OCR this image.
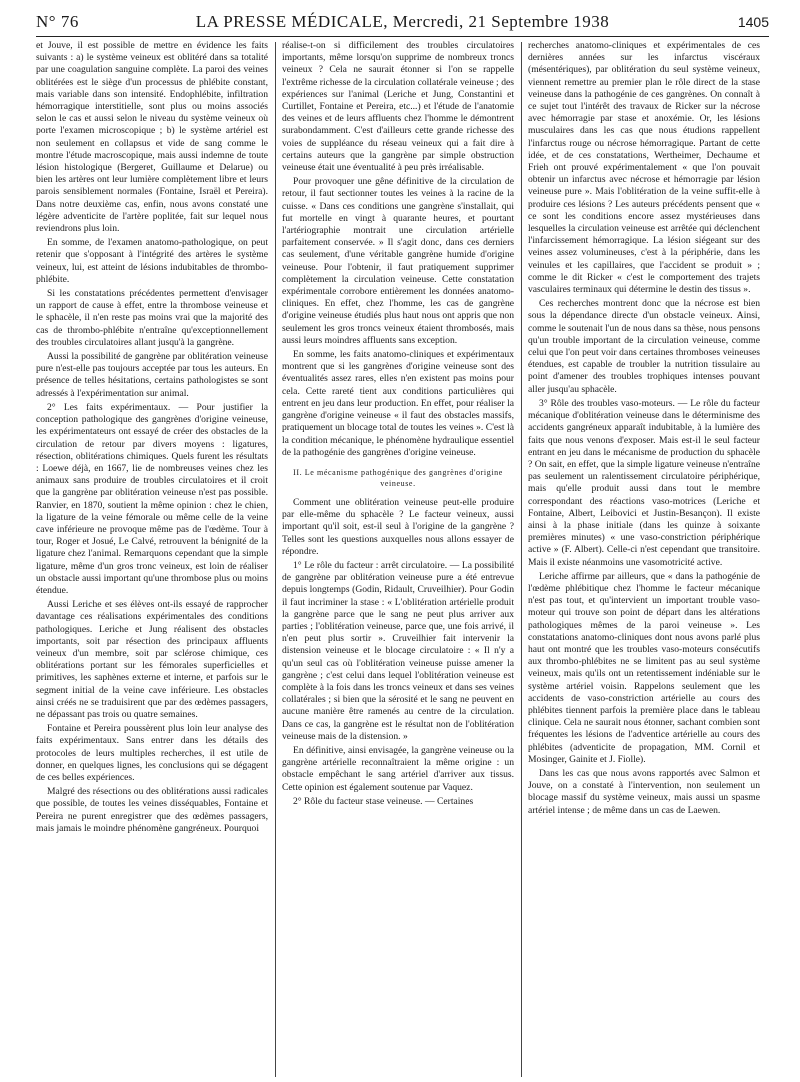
N° 76	LA PRESSE MÉDICALE, Mercredi, 21 Septembre 1938	1405

et Jouve, il est possible de mettre en évidence les faits suivants : a) le système veineux est oblitéré dans sa totalité par une coagulation sanguine complète. La paroi des veines oblitérées est le siège d'un processus de phlébite constant, mais variable dans son intensité. Endophlébite, infiltration hémorragique interstitielle, sont plus ou moins associés selon le cas et aussi selon le niveau du système veineux où porte l'examen microscopique ; b) le système artériel est non seulement en collapsus et vide de sang comme le montre l'étude macroscopique, mais aussi indemne de toute lésion histologique (Bergeret, Guillaume et Delarue) ou bien les artères ont leur lumière complètement libre et leurs parois sensiblement normales (Fontaine, Israël et Pereira). Dans notre deuxième cas, enfin, nous avons constaté une légère adventicite de l'artère poplitée, fait sur lequel nous reviendrons plus loin.

En somme, de l'examen anatomo-pathologique, on peut retenir que s'opposant à l'intégrité des artères le système veineux, lui, est atteint de lésions indubitables de thrombo-phlébite.

Si les constatations précédentes permettent d'envisager un rapport de cause à effet, entre la thrombose veineuse et le sphacèle, il n'en reste pas moins vrai que la majorité des cas de thrombo-phlébite n'entraîne qu'exceptionnellement des troubles circulatoires allant jusqu'à la gangrène.

Aussi la possibilité de gangrène par oblitération veineuse pure n'est-elle pas toujours acceptée par tous les auteurs. En présence de telles hésitations, certains pathologistes se sont adressés à l'expérimentation sur animal.

2° Les faits expérimentaux. — Pour justifier la conception pathologique des gangrènes d'origine veineuse, les expérimentateurs ont essayé de créer des obstacles de la circulation de retour par divers moyens : ligatures, résection, oblitérations chimiques. Quels furent les résultats : Loewe déjà, en 1667, lie de nombreuses veines chez les animaux sans produire de troubles circulatoires et il croit que la gangrène par oblitération veineuse n'est pas possible. Ranvier, en 1870, soutient la même opinion : chez le chien, la ligature de la veine fémorale ou même celle de la veine cave inférieure ne provoque même pas de l'œdème. Tour à tour, Roger et Josué, Le Calvé, retrouvent la bénignité de la ligature chez l'animal. Remarquons cependant que la simple ligature, même d'un gros tronc veineux, est loin de réaliser un obstacle aussi important qu'une thrombose plus ou moins étendue.

Aussi Leriche et ses élèves ont-ils essayé de rapprocher davantage ces réalisations expérimentales des conditions pathologiques. Leriche et Jung réalisent des obstacles importants, soit par résection des principaux affluents veineux d'un membre, soit par sclérose chimique, ces oblitérations portant sur les fémorales superficielles et primitives, les saphènes externe et interne, et parfois sur le segment initial de la veine cave inférieure. Les obstacles ainsi créés ne se traduisirent que par des œdèmes passagers, ne dépassant pas trois ou quatre semaines.

Fontaine et Pereira poussèrent plus loin leur analyse des faits expérimentaux. Sans entrer dans les détails des protocoles de leurs multiples recherches, il est utile de donner, en quelques lignes, les conclusions qui se dégagent de ces belles expériences.

Malgré des résections ou des oblitérations aussi radicales que possible, de toutes les veines disséquables, Fontaine et Pereira ne purent enregistrer que des œdèmes passagers, mais jamais le moindre phénomène gangréneux. Pourquoi

réalise-t-on si difficilement des troubles circulatoires importants, même lorsqu'on supprime de nombreux troncs veineux ? Cela ne saurait étonner si l'on se rappelle l'extrême richesse de la circulation collatérale veineuse ; des expériences sur l'animal (Leriche et Jung, Constantini et Curtillet, Fontaine et Pereira, etc...) et l'étude de l'anatomie des veines et de leurs affluents chez l'homme le démontrent surabondamment. C'est d'ailleurs cette grande richesse des voies de suppléance du réseau veineux qui a fait dire à certains auteurs que la gangrène par simple obstruction veineuse était une éventualité à peu près irréalisable.

Pour provoquer une gêne définitive de la circulation de retour, il faut sectionner toutes les veines à la racine de la cuisse. « Dans ces conditions une gangrène s'installait, qui fut mortelle en vingt à quarante heures, et pourtant l'artériographie montrait une circulation artérielle parfaitement conservée. » Il s'agit donc, dans ces derniers cas seulement, d'une véritable gangrène humide d'origine veineuse. Pour l'obtenir, il faut pratiquement supprimer complètement la circulation veineuse. Cette constatation expérimentale corrobore entièrement les données anatomo-cliniques. En effet, chez l'homme, les cas de gangrène d'origine veineuse étudiés plus haut nous ont appris que non seulement les gros troncs veineux étaient thrombosés, mais aussi leurs moindres affluents sans exception.

En somme, les faits anatomo-cliniques et expérimentaux montrent que si les gangrènes d'origine veineuse sont des éventualités assez rares, elles n'en existent pas moins pour cela. Cette rareté tient aux conditions particulières qui entrent en jeu dans leur production. En effet, pour réaliser la gangrène d'origine veineuse « il faut des obstacles massifs, pratiquement un blocage total de toutes les veines ». C'est là la condition mécanique, le phénomène hydraulique essentiel de la pathogénie des gangrènes d'origine veineuse.

II. Le mécanisme pathogénique des gangrènes d'origine veineuse.

Comment une oblitération veineuse peut-elle produire par elle-même du sphacèle ? Le facteur veineux, aussi important qu'il soit, est-il seul à l'origine de la gangrène ? Telles sont les questions auxquelles nous allons essayer de répondre.

1° Le rôle du facteur : arrêt circulatoire. — La possibilité de gangrène par oblitération veineuse pure a été entrevue depuis longtemps (Godin, Ridault, Cruveilhier). Pour Godin il faut incriminer la stase : « L'oblitération artérielle produit la gangrène parce que le sang ne peut plus arriver aux parties ; l'oblitération veineuse, parce que, une fois arrivé, il n'en peut plus sortir ». Cruveilhier fait intervenir la distension veineuse et le blocage circulatoire : « Il n'y a qu'un seul cas où l'oblitération veineuse puisse amener la gangrène ; c'est celui dans lequel l'oblitération veineuse est complète à la fois dans les troncs veineux et dans ses veines collatérales ; si bien que la sérosité et le sang ne peuvent en aucune manière être ramenés au centre de la circulation. Dans ce cas, la gangrène est le résultat non de l'oblitération veineuse mais de la distension. »

En définitive, ainsi envisagée, la gangrène veineuse ou la gangrène artérielle reconnaîtraient la même origine : un obstacle empêchant le sang artériel d'arriver aux tissus. Cette opinion est également soutenue par Vaquez.

2° Rôle du facteur stase veineuse. — Certaines

recherches anatomo-cliniques et expérimentales de ces dernières années sur les infarctus viscéraux (mésentériques), par oblitération du seul système veineux, viennent remettre au premier plan le rôle direct de la stase veineuse dans la pathogénie de ces gangrènes. On connaît à ce sujet tout l'intérêt des travaux de Ricker sur la nécrose avec hémorragie par stase et anoxémie. Or, les lésions musculaires dans les cas que nous étudions rappellent l'infarctus rouge ou nécrose hémorragique. Partant de cette idée, et de ces constatations, Wertheimer, Dechaume et Frieh ont prouvé expérimentalement « que l'on pouvait obtenir un infarctus avec nécrose et hémorragie par lésion veineuse pure ». Mais l'oblitération de la veine suffit-elle à produire ces lésions ? Les auteurs précédents pensent que « ce sont les conditions encore assez mystérieuses dans lesquelles la circulation veineuse est arrêtée qui déclenchent l'infarcissement hémorragique. La lésion siégeant sur des veines assez volumineuses, c'est à la périphérie, dans les veinules et les capillaires, que l'accident se produit » ; comme le dit Ricker « c'est le comportement des trajets vasculaires terminaux qui détermine le destin des tissus ».

Ces recherches montrent donc que la nécrose est bien sous la dépendance directe d'un obstacle veineux. Ainsi, comme le soutenait l'un de nous dans sa thèse, nous pensons qu'un trouble important de la circulation veineuse, comme celui que l'on peut voir dans certaines thromboses veineuses étendues, est capable de troubler la nutrition tissulaire au point d'amener des troubles trophiques intenses pouvant aller jusqu'au sphacèle.

3° Rôle des troubles vaso-moteurs. — Le rôle du facteur mécanique d'oblitération veineuse dans le déterminisme des accidents gangréneux apparaît indubitable, à la lumière des faits que nous venons d'exposer. Mais est-il le seul facteur entrant en jeu dans le mécanisme de production du sphacèle ? On sait, en effet, que la simple ligature veineuse n'entraîne pas seulement un ralentissement circulatoire périphérique, mais qu'elle produit aussi dans tout le membre correspondant des réactions vaso-motrices (Leriche et Fontaine, Albert, Leibovici et Justin-Besançon). Il existe ainsi à la phase initiale (dans les quinze à soixante premières minutes) « une vaso-constriction périphérique active » (F. Albert). Celle-ci n'est cependant que transitoire. Mais il existe néanmoins une vasomotricité active.

Leriche affirme par ailleurs, que « dans la pathogénie de l'œdème phlébitique chez l'homme le facteur mécanique n'est pas tout, et qu'intervient un important trouble vaso-moteur qui trouve son point de départ dans les altérations pathologiques mêmes de la paroi veineuse ». Les constatations anatomo-cliniques dont nous avons parlé plus haut ont montré que les troubles vaso-moteurs consécutifs aux thrombo-phlébites ne se limitent pas au seul système veineux, mais qu'ils ont un retentissement indéniable sur le système artériel voisin. Rappelons seulement que les accidents de vaso-constriction artérielle au cours des phlébites tiennent parfois la première place dans le tableau clinique. Cela ne saurait nous étonner, sachant combien sont fréquentes les lésions de l'adventice artérielle au cours des phlébites (adventicite de propagation, MM. Cornil et Mosinger, Gainite et J. Fiolle).

Dans les cas que nous avons rapportés avec Salmon et Jouve, on a constaté à l'intervention, non seulement un blocage massif du système veineux, mais aussi un spasme artériel intense ; de même dans un cas de Laewen.
